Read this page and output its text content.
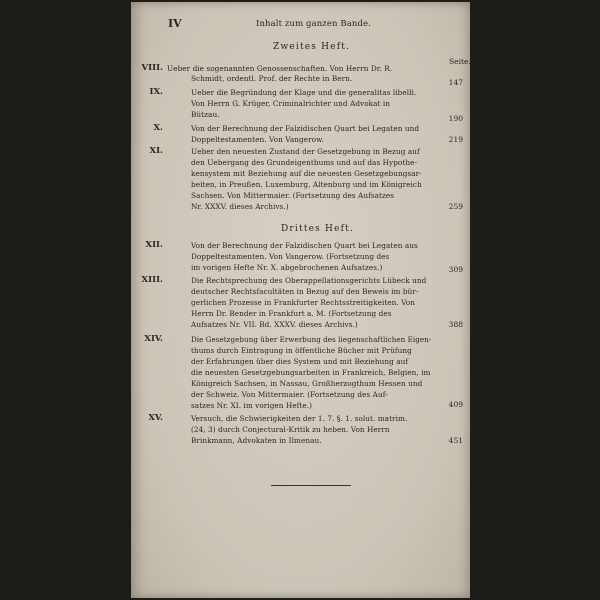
IV	Inhalt zum ganzen Bande.
Zweites Heft.
Seite.
VIII. Ueber die sogenannten Genossenschaften. Von Herrn Dr. R.
Schmidt, ordentl. Prof. der Rechte in Bern.	147
IX.	Ueber die Begründung der Klage und die generalitas libelli.
Von Herrn G. Krüger, Criminalrichter und Advokat in
Bützau.	190
X.	Von der Berechnung der Falzidischen Quart bei Legaten und
Doppeltestamenten. Von Vangerow.	219
XI.	Ueber den neuesten Zustand der Gesetzgebung in Bezug auf
den Uebergang des Grundeigenthums und auf das Hypothe-
kensystem mit Beziehung auf die neuesten Gesetzgebungsar-
beiten, in Preußen, Luxemburg, Altenburg und im Königreich
Sachsen. Von Mittermaier. (Fortsetzung des Aufsatzes
Nr. XXXV. dieses Archivs.)	259
Drittes Heft.
XII.	Von der Berechnung der Falzidischen Quart bei Legaten aus
Doppeltestamenten. Von Vangerow. (Fortsetzung des
im vorigen Hefte Nr. X. abgebrochenen Aufsatzes.)	309
XIII.	Die Rechtsprechung des Oberappellationsgerichts Lübeck und
deutscher Rechtsfacultäten in Bezug auf den Beweis im bür-
gerlichen Prozesse in Frankfurter Rechtsstreitigkeiten. Von
Herrn Dr. Bender in Frankfurt a. M. (Fortsetzung des
Aufsatzes Nr. VII. Bd. XXXV. dieses Archivs.)	388
XIV.	Die Gesetzgebung über Erwerbung des liegenschaftlichen Eigen-
thums durch Eintragung in öffentliche Bücher mit Prüfung
der Erfahrungen über dies System und mit Beziehung auf
die neuesten Gesetzgebungsarbeiten in Frankreich, Belgien, im
Königreich Sachsen, in Nassau, Großherzogthum Hessen und
der Schweiz. Von Mittermaier. (Fortsetzung des Auf-
satzes Nr. XI. im vorigen Hefte.)	409
XV.	Versuch, die Schwierigkeiten der 1. 7. §. 1. solut. matrim.
(24, 3) durch Conjectural-Kritik zu heben. Von Herrn
Brinkmann, Advokaten in Ilmenau.	451
